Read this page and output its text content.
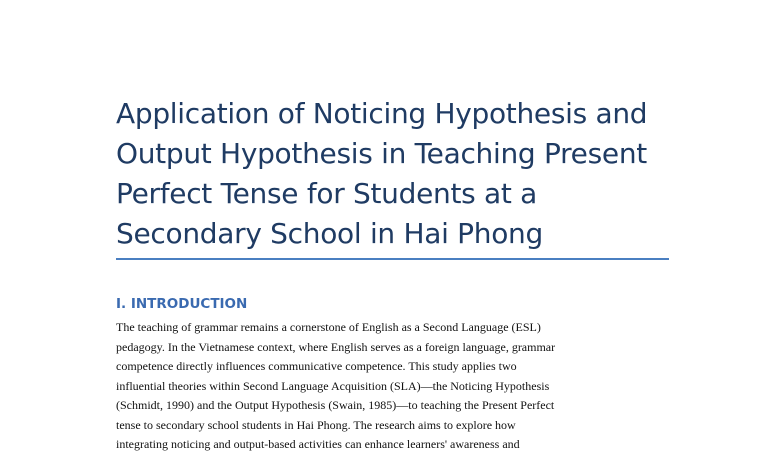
Application of Noticing Hypothesis and
Output Hypothesis in Teaching Present
Perfect Tense for Students at a
Secondary School in Hai Phong
I. INTRODUCTION

The teaching of grammar remains a cornerstone of English as a Second Language (ESL)
pedagogy. In the Vietnamese context, where English serves as a foreign language, grammar
competence directly influences communicative competence. This study applies two
influential theories within Second Language Acquisition (SLA)—the Noticing Hypothesis
(Schmidt, 1990) and the Output Hypothesis (Swain, 1985)—to teaching the Present Perfect
tense to secondary school students in Hai Phong. The research aims to explore how
integrating noticing and output-based activities can enhance learners' awareness and
